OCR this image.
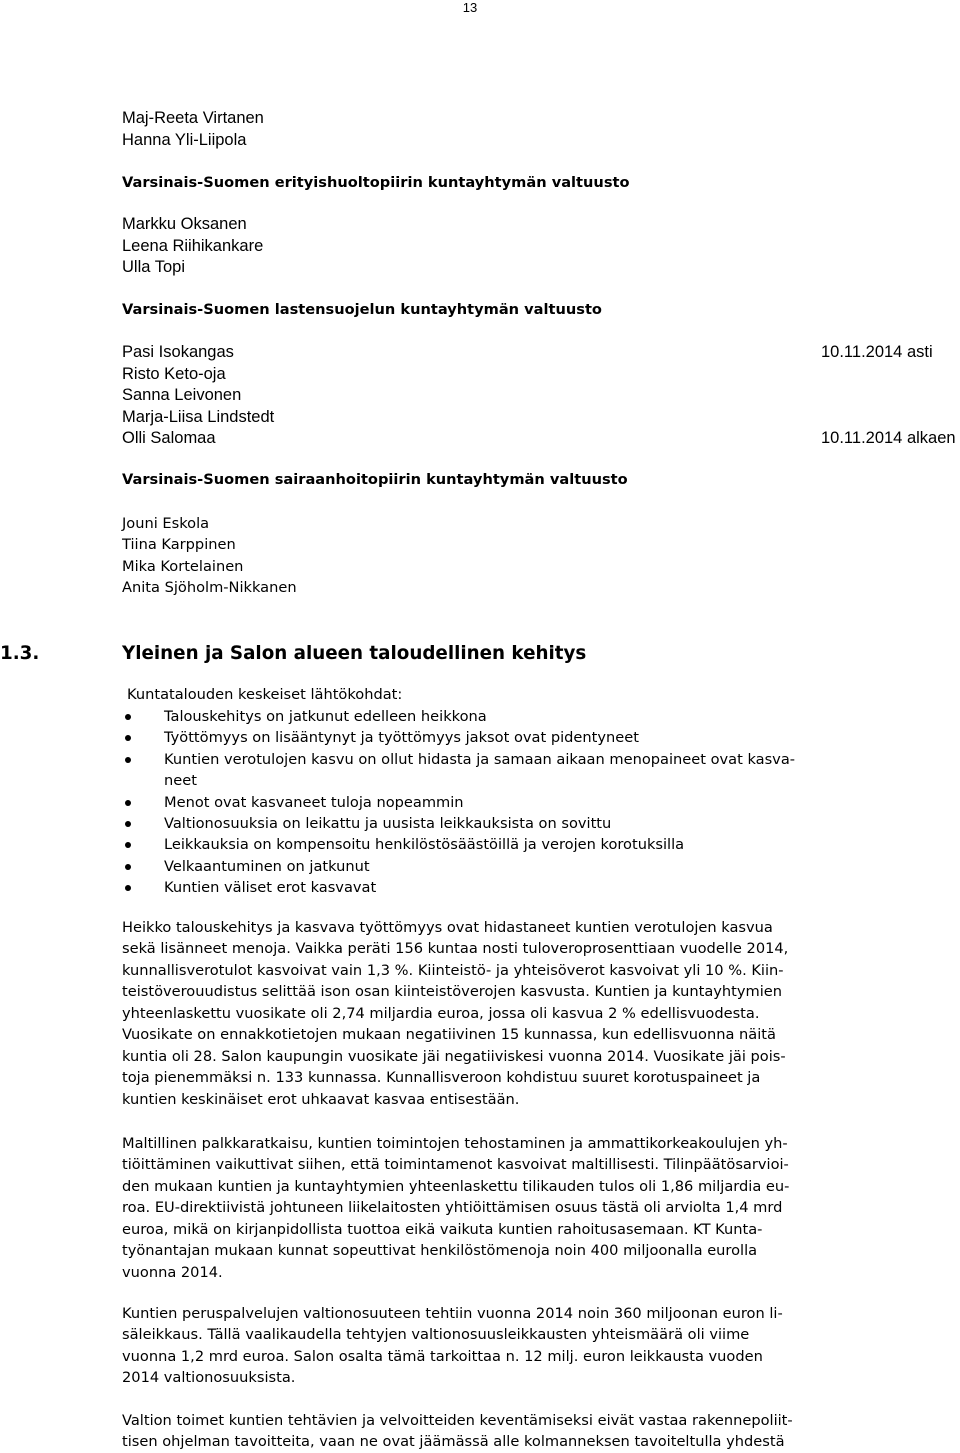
13
Maj-Reeta Virtanen
Hanna Yli-Liipola
Varsinais-Suomen erityishuoltopiirin kuntayhtymän valtuusto
Markku Oksanen
Leena Riihikankare
Ulla Topi
Varsinais-Suomen lastensuojelun kuntayhtymän valtuusto
Pasi Isokangas
Risto Keto-oja
Sanna Leivonen
Marja-Liisa Lindstedt
Olli Salomaa
10.11.2014 asti
10.11.2014 alkaen
Varsinais-Suomen sairaanhoitopiirin kuntayhtymän valtuusto
Jouni Eskola
Tiina Karppinen
Mika Kortelainen
Anita Sjöholm-Nikkanen
1.3.	Yleinen ja Salon alueen taloudellinen kehitys
Kuntatalouden keskeiset lähtökohdat:
Talouskehitys on jatkunut edelleen heikkona
Työttömyys on lisääntynyt ja työttömyys jaksot ovat pidentyneet
Kuntien verotulojen kasvu on ollut hidasta ja samaan aikaan menopaineet ovat kasva-
neet
Menot ovat kasvaneet tuloja nopeammin
Valtionosuuksia on leikattu ja uusista leikkauksista on sovittu
Leikkauksia on kompensoitu henkilöstösäästöillä ja verojen korotuksilla
Velkaantuminen on jatkunut
Kuntien väliset erot kasvavat

Heikko talouskehitys ja kasvava työttömyys ovat hidastaneet kuntien verotulojen kasvua
sekä lisänneet menoja. Vaikka peräti 156 kuntaa nosti tuloveroprosenttiaan vuodelle 2014,
kunnallisverotulot kasvoivat vain 1,3 %. Kiinteistö- ja yhteisöverot kasvoivat yli 10 %. Kiin-
teistöverouudistus selittää ison osan kiinteistöverojen kasvusta. Kuntien ja kuntayhtymien
yhteenlaskettu vuosikate oli 2,74 miljardia euroa, jossa oli kasvua 2 % edellisvuodesta.
Vuosikate on ennakkotietojen mukaan negatiivinen 15 kunnassa, kun edellisvuonna näitä
kuntia oli 28. Salon kaupungin vuosikate jäi negatiiviskesi vuonna 2014. Vuosikate jäi pois-
toja pienemmäksi n. 133 kunnassa. Kunnallisveroon kohdistuu suuret korotuspaineet ja
kuntien keskinäiset erot uhkaavat kasvaa entisestään.

Maltillinen palkkaratkaisu, kuntien toimintojen tehostaminen ja ammattikorkeakoulujen yh-
tiöittäminen vaikuttivat siihen, että toimintamenot kasvoivat maltillisesti. Tilinpäätösarvioi-
den mukaan kuntien ja kuntayhtymien yhteenlaskettu tilikauden tulos oli 1,86 miljardia eu-
roa. EU-direktiivistä johtuneen liikelaitosten yhtiöittämisen osuus tästä oli arviolta 1,4 mrd
euroa, mikä on kirjanpidollista tuottoa eikä vaikuta kuntien rahoitusasemaan. KT Kunta-
työnantajan mukaan kunnat sopeuttivat henkilöstömenoja noin 400 miljoonalla eurolla
vuonna 2014.

Kuntien peruspalvelujen valtionosuuteen tehtiin vuonna 2014 noin 360 miljoonan euron li-
säleikkaus. Tällä vaalikaudella tehtyjen valtionosuusleikkausten yhteismäärä oli viime
vuonna 1,2 mrd euroa. Salon osalta tämä tarkoittaa n. 12 milj. euron leikkausta vuoden
2014 valtionosuuksista.

Valtion toimet kuntien tehtävien ja velvoitteiden keventämiseksi eivät vastaa rakennepoliit-
tisen ohjelman tavoitteita, vaan ne ovat jäämässä alle kolmanneksen tavoiteltulla yhdestä
